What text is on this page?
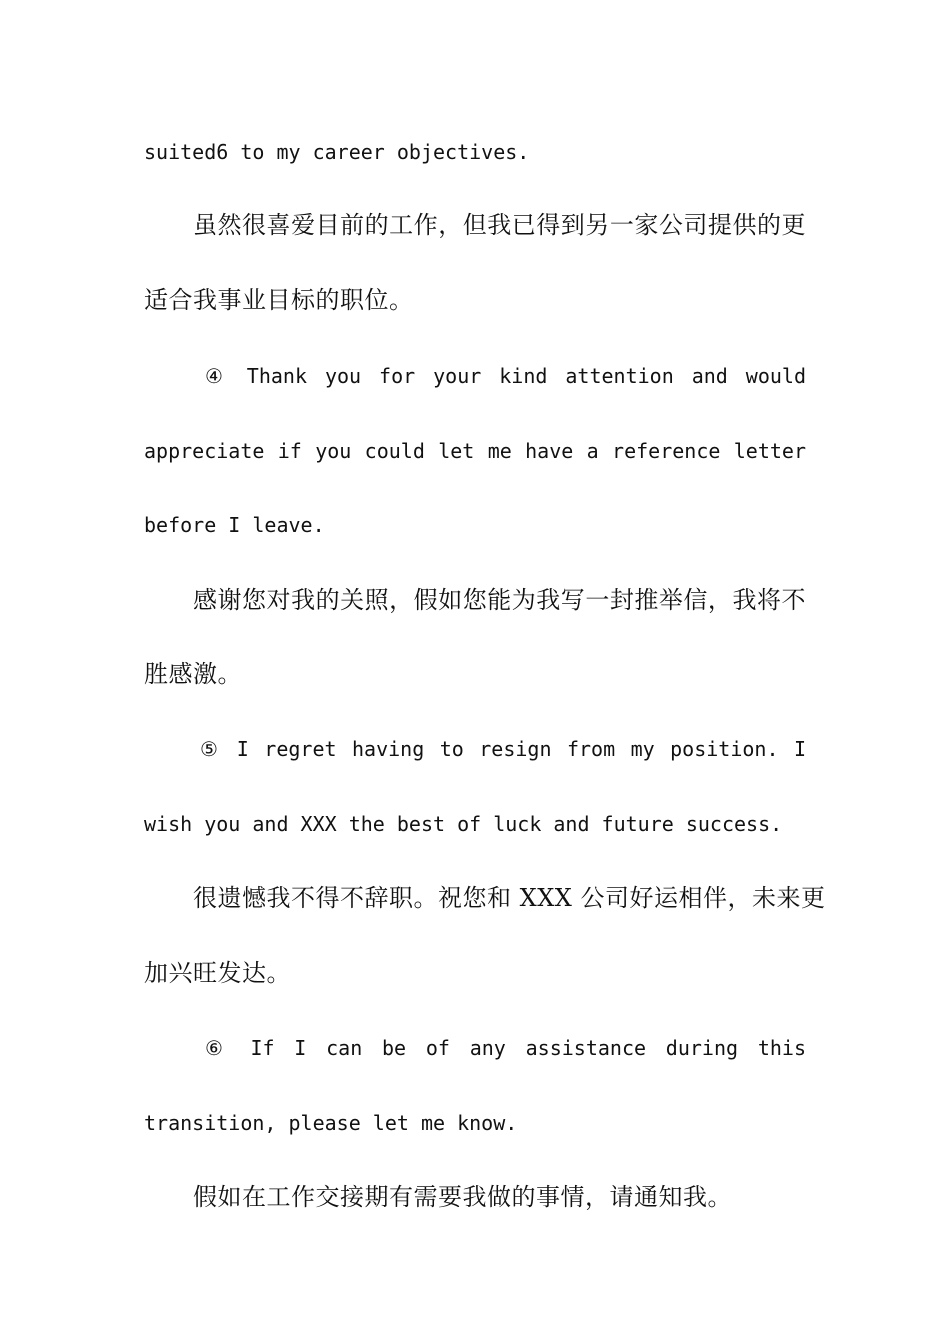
suited6 to my career objectives.
虽然很喜爱目前的工作，但我已得到另一家公司提供的更
适合我事业目标的职位。
④ Thank you for your kind attention and would
appreciate if you could let me have a reference letter
before I leave.
感谢您对我的关照，假如您能为我写一封推举信，我将不
胜感激。
⑤ I regret having to resign from my position. I
wish you and XXX the best of luck and future success.
很遗憾我不得不辞职。祝您和 XXX 公司好运相伴，未来更
加兴旺发达。
⑥ If I can be of any assistance during this
transition, please let me know.
假如在工作交接期有需要我做的事情，请通知我。
